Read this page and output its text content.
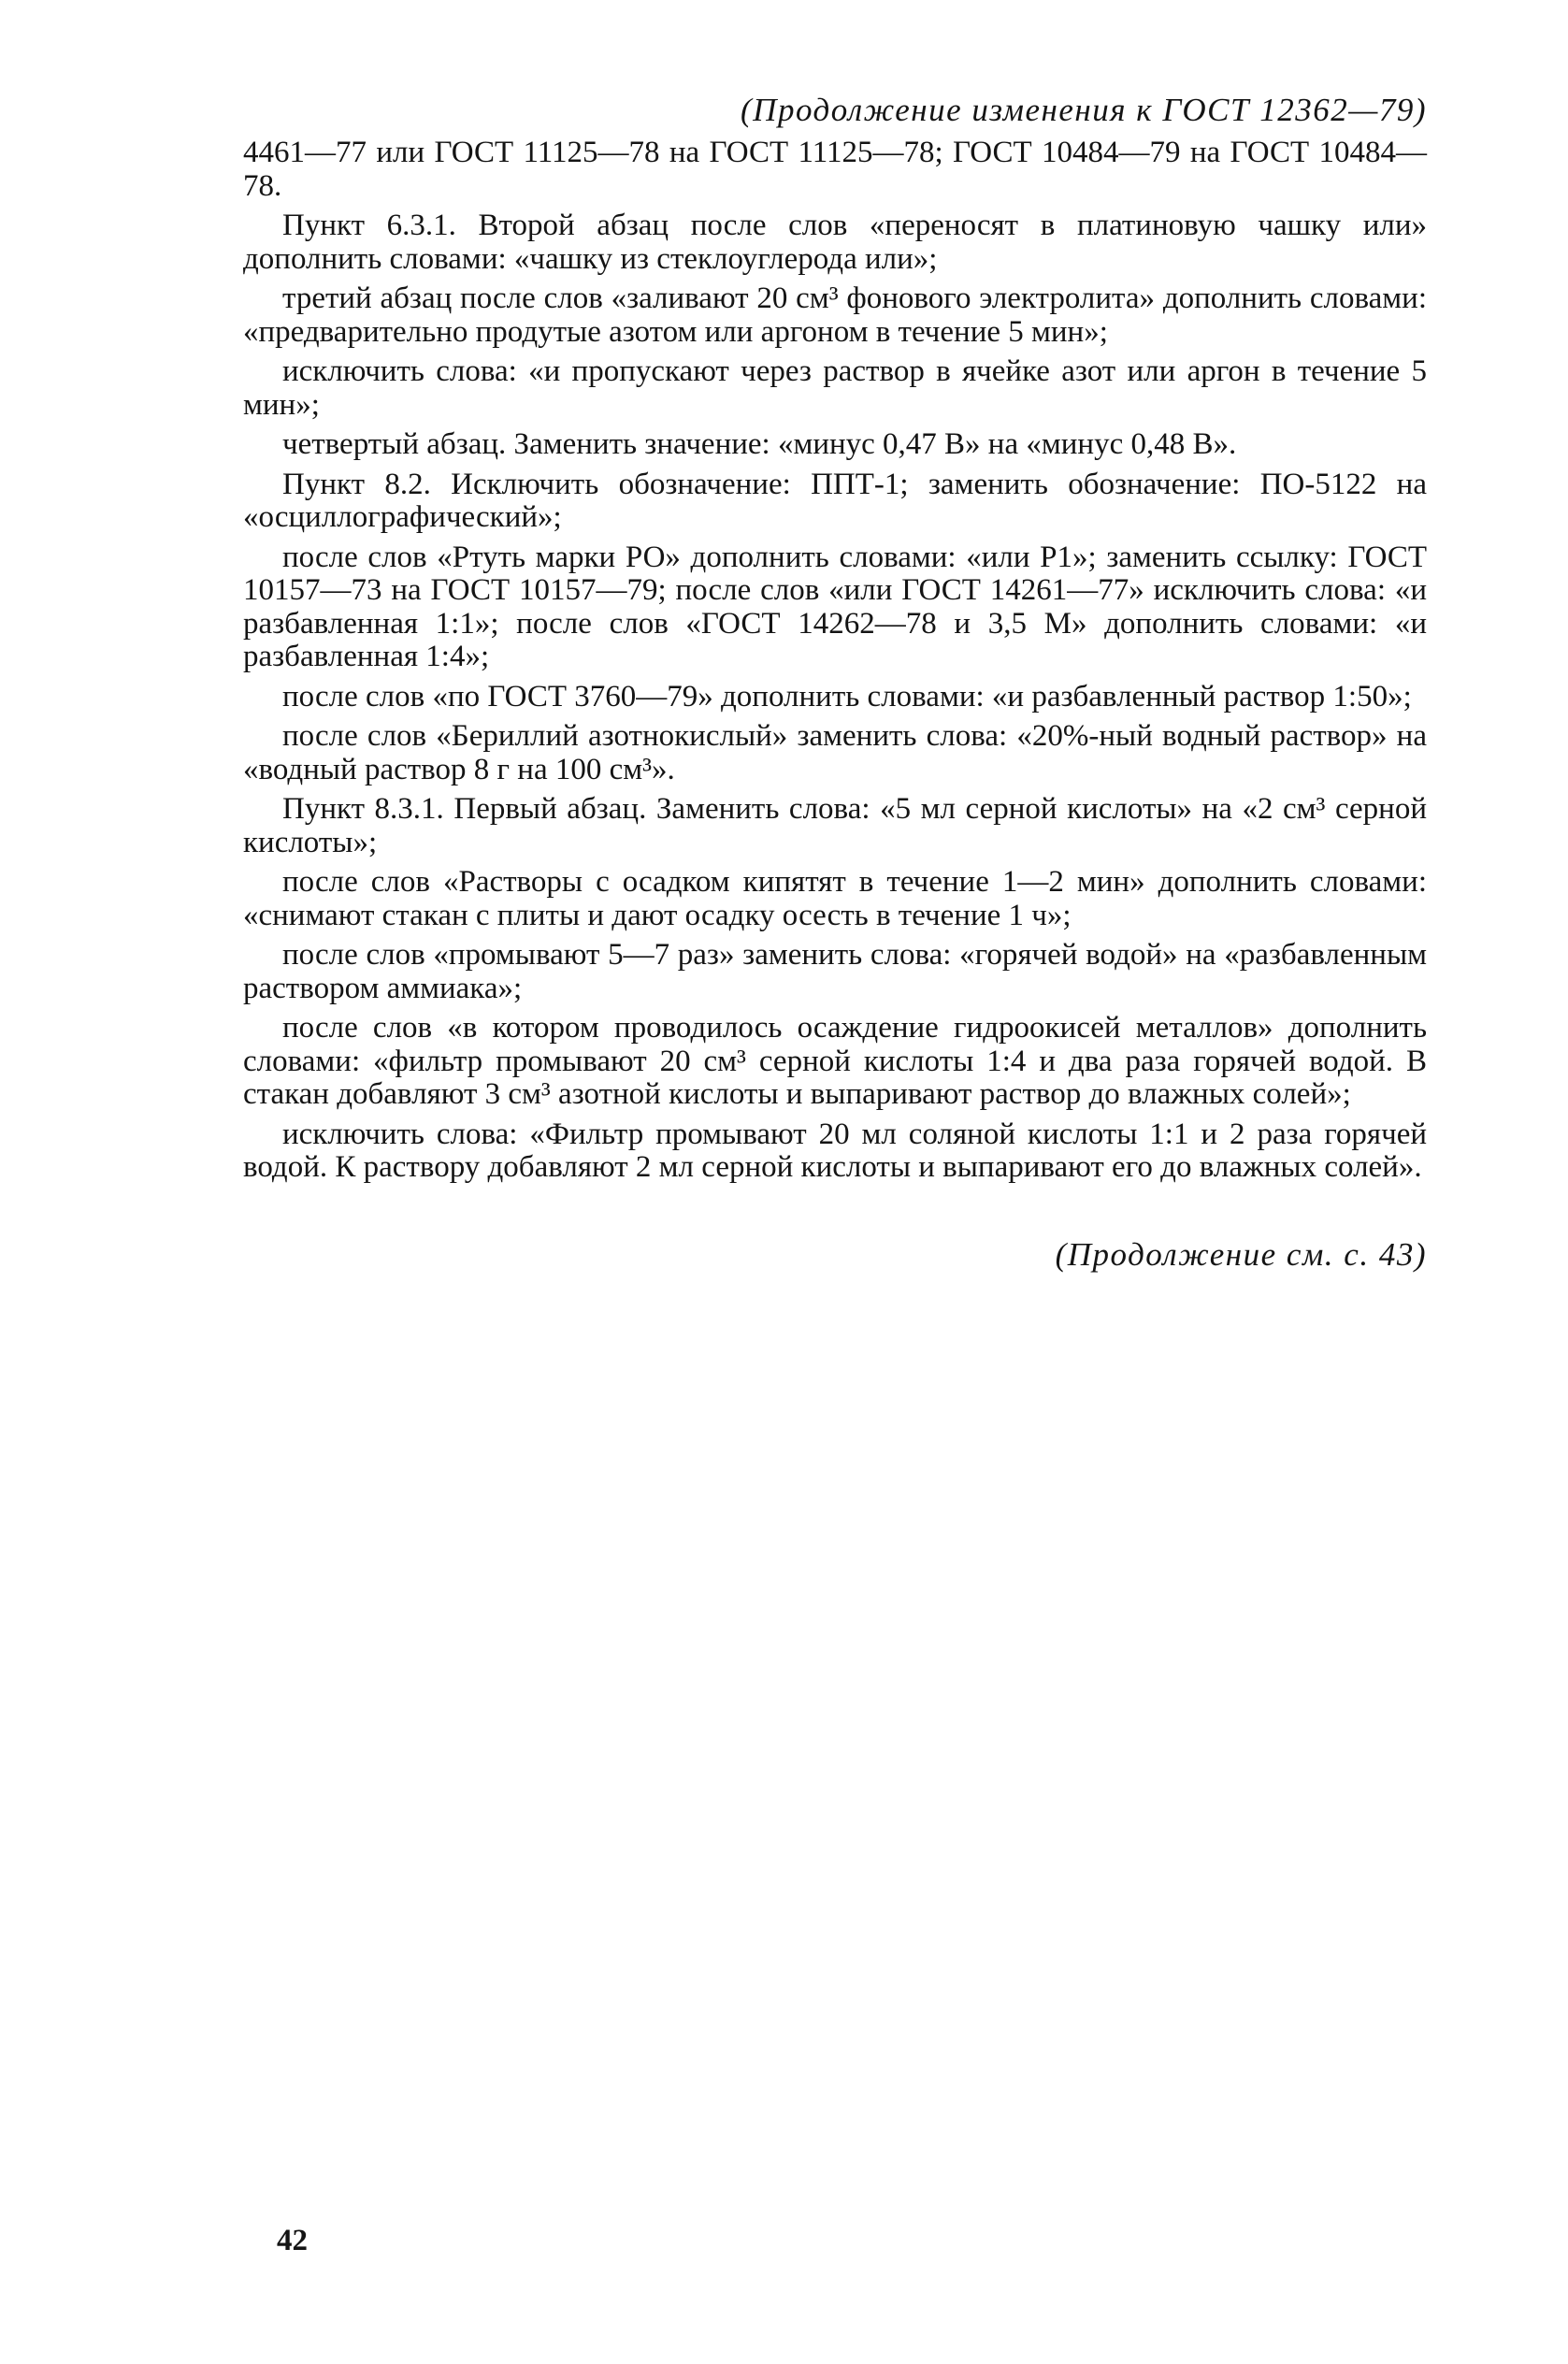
(Продолжение изменения к ГОСТ 12362—79)

4461—77 или ГОСТ 11125—78 на ГОСТ 11125—78; ГОСТ 10484—79 на ГОСТ 10484—78.

Пункт 6.3.1. Второй абзац после слов «переносят в платиновую чашку или» дополнить словами: «чашку из стеклоуглерода или»;

третий абзац после слов «заливают 20 см³ фонового электролита» дополнить словами: «предварительно продутые азотом или аргоном в течение 5 мин»;

исключить слова: «и пропускают через раствор в ячейке азот или аргон в течение 5 мин»;

четвертый абзац. Заменить значение: «минус 0,47 В» на «минус 0,48 В».

Пункт 8.2. Исключить обозначение: ППТ-1; заменить обозначение: ПО-5122 на «осциллографический»;

после слов «Ртуть марки РО» дополнить словами: «или Р1»; заменить ссылку: ГОСТ 10157—73 на ГОСТ 10157—79; после слов «или ГОСТ 14261—77» исключить слова: «и разбавленная 1:1»; после слов «ГОСТ 14262—78 и 3,5 М» дополнить словами: «и разбавленная 1:4»;

после слов «по ГОСТ 3760—79» дополнить словами: «и разбавленный раствор 1:50»;

после слов «Бериллий азотнокислый» заменить слова: «20%-ный водный раствор» на «водный раствор 8 г на 100 см³».

Пункт 8.3.1. Первый абзац. Заменить слова: «5 мл серной кислоты» на «2 см³ серной кислоты»;

после слов «Растворы с осадком кипятят в течение 1—2 мин» дополнить словами: «снимают стакан с плиты и дают осадку осесть в течение 1 ч»;

после слов «промывают 5—7 раз» заменить слова: «горячей водой» на «разбавленным раствором аммиака»;

после слов «в котором проводилось осаждение гидроокисей металлов» дополнить словами: «фильтр промывают 20 см³ серной кислоты 1:4 и два раза горячей водой. В стакан добавляют 3 см³ азотной кислоты и выпаривают раствор до влажных солей»;

исключить слова: «Фильтр промывают 20 мл соляной кислоты 1:1 и 2 раза горячей водой. К раствору добавляют 2 мл серной кислоты и выпаривают его до влажных солей».

(Продолжение см. с. 43)
42
